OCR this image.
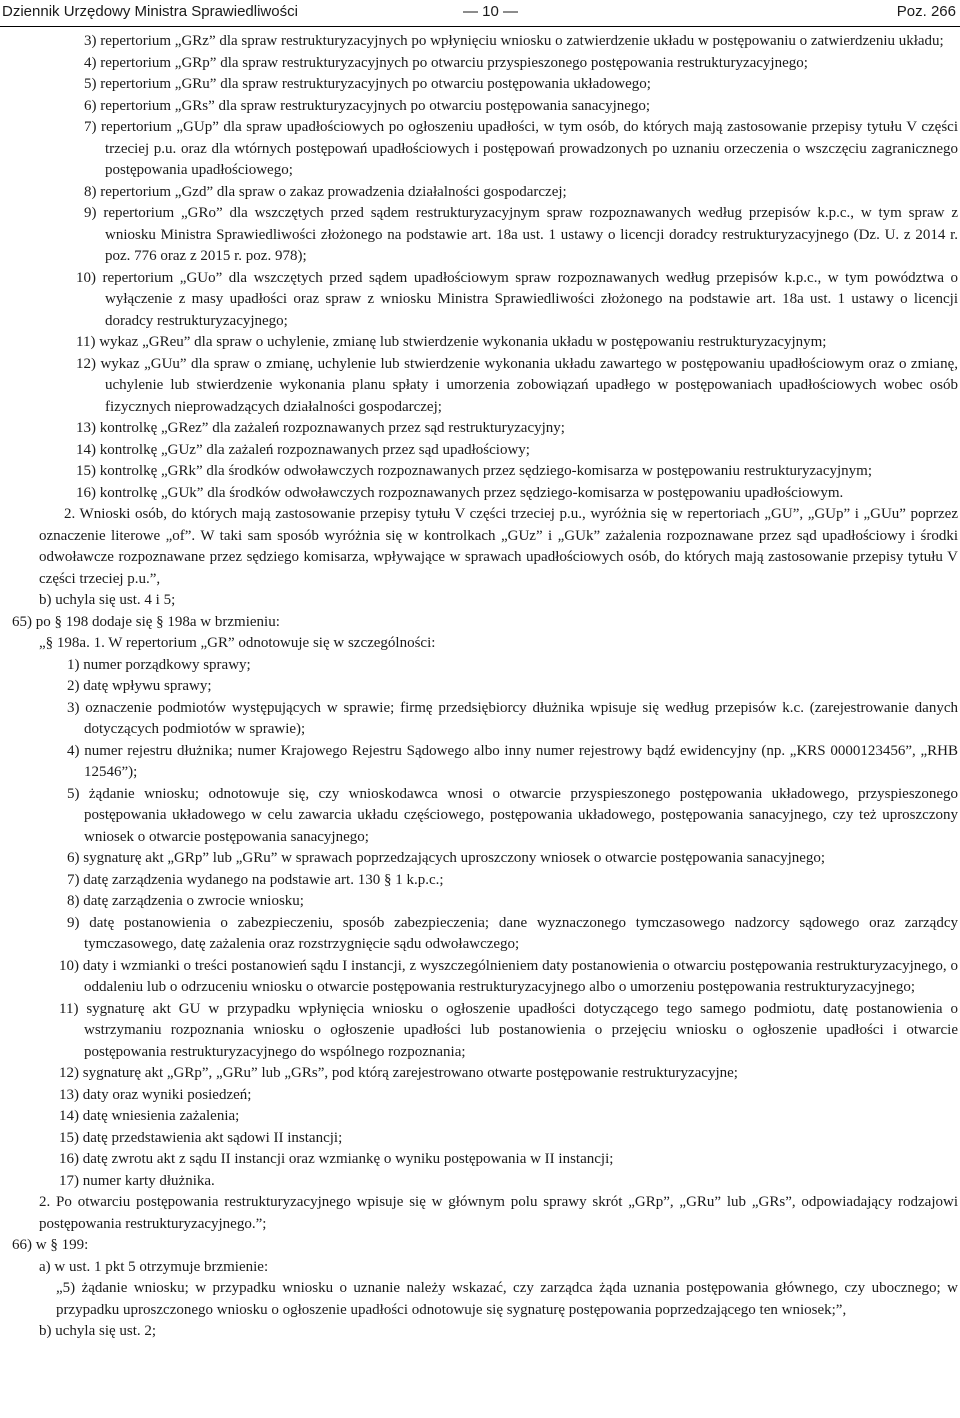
Dziennik Urzędowy Ministra Sprawiedliwości	— 10 —	Poz. 266
3) repertorium „GRz” dla spraw restrukturyzacyjnych po wpłynięciu wniosku o zatwierdzenie układu w postępowaniu o zatwierdzeniu układu;
4) repertorium „GRp” dla spraw restrukturyzacyjnych po otwarciu przyspieszonego postępowania restrukturyzacyjnego;
5) repertorium „GRu” dla spraw restrukturyzacyjnych po otwarciu postępowania układowego;
6) repertorium „GRs” dla spraw restrukturyzacyjnych po otwarciu postępowania sanacyjnego;
7) repertorium „GUp” dla spraw upadłościowych po ogłoszeniu upadłości, w tym osób, do których mają zastosowanie przepisy tytułu V części trzeciej p.u. oraz dla wtórnych postępowań upadłościowych i postępowań prowadzonych po uznaniu orzeczenia o wszczęciu zagranicznego postępowania upadłościowego;
8) repertorium „Gzd” dla spraw o zakaz prowadzenia działalności gospodarczej;
9) repertorium „GRo” dla wszczętych przed sądem restrukturyzacyjnym spraw rozpoznawanych według przepisów k.p.c., w tym spraw z wniosku Ministra Sprawiedliwości złożonego na podstawie art. 18a ust. 1 ustawy o licencji doradcy restrukturyzacyjnego (Dz. U. z 2014 r. poz. 776 oraz z 2015 r. poz. 978);
10) repertorium „GUo” dla wszczętych przed sądem upadłościowym spraw rozpoznawanych według przepisów k.p.c., w tym powództwa o wyłączenie z masy upadłości oraz spraw z wniosku Ministra Sprawiedliwości złożonego na podstawie art. 18a ust. 1 ustawy o licencji doradcy restrukturyzacyjnego;
11) wykaz „GReu” dla spraw o uchylenie, zmianę lub stwierdzenie wykonania układu w postępowaniu restrukturyzacyjnym;
12) wykaz „GUu” dla spraw o zmianę, uchylenie lub stwierdzenie wykonania układu zawartego w postępowaniu upadłościowym oraz o zmianę, uchylenie lub stwierdzenie wykonania planu spłaty i umorzenia zobowiązań upadłego w postępowaniach upadłościowych wobec osób fizycznych nieprowadzących działalności gospodarczej;
13) kontrolkę „GRez” dla zażaleń rozpoznawanych przez sąd restrukturyzacyjny;
14) kontrolkę „GUz” dla zażaleń rozpoznawanych przez sąd upadłościowy;
15) kontrolkę „GRk” dla środków odwoławczych rozpoznawanych przez sędziego-komisarza w postępowaniu restrukturyzacyjnym;
16) kontrolkę „GUk” dla środków odwoławczych rozpoznawanych przez sędziego-komisarza w postępowaniu upadłościowym.

2. Wnioski osób, do których mają zastosowanie przepisy tytułu V części trzeciej p.u., wyróżnia się w repertoriach „GU”, „GUp” i „GUu” poprzez oznaczenie literowe „of”. W taki sam sposób wyróżnia się w kontrolkach „GUz” i „GUk” zażalenia rozpoznawane przez sąd upadłościowy i środki odwoławcze rozpoznawane przez sędziego komisarza, wpływające w sprawach upadłościowych osób, do których mają zastosowanie przepisy tytułu V części trzeciej p.u.”,

b) uchyla się ust. 4 i 5;

65) po § 198 dodaje się § 198a w brzmieniu:

„§ 198a. 1. W repertorium „GR” odnotowuje się w szczególności:

1) numer porządkowy sprawy;
2) datę wpływu sprawy;
3) oznaczenie podmiotów występujących w sprawie; firmę przedsiębiorcy dłużnika wpisuje się według przepisów k.c. (zarejestrowanie danych dotyczących podmiotów w sprawie);
4) numer rejestru dłużnika; numer Krajowego Rejestru Sądowego albo inny numer rejestrowy bądź ewidencyjny (np. „KRS 0000123456”, „RHB 12546”);
5) żądanie wniosku; odnotowuje się, czy wnioskodawca wnosi o otwarcie przyspieszonego postępowania układowego, przyspieszonego postępowania układowego w celu zawarcia układu częściowego, postępowania układowego, postępowania sanacyjnego, czy też uproszczony wniosek o otwarcie postępowania sanacyjnego;
6) sygnaturę akt „GRp” lub „GRu” w sprawach poprzedzających uproszczony wniosek o otwarcie postępowania sanacyjnego;
7) datę zarządzenia wydanego na podstawie art. 130 § 1 k.p.c.;
8) datę zarządzenia o zwrocie wniosku;
9) datę postanowienia o zabezpieczeniu, sposób zabezpieczenia; dane wyznaczonego tymczasowego nadzorcy sądowego oraz zarządcy tymczasowego, datę zażalenia oraz rozstrzygnięcie sądu odwoławczego;
10) daty i wzmianki o treści postanowień sądu I instancji, z wyszczególnieniem daty postanowienia o otwarciu postępowania restrukturyzacyjnego, o oddaleniu lub o odrzuceniu wniosku o otwarcie postępowania restrukturyzacyjnego albo o umorzeniu postępowania restrukturyzacyjnego;
11) sygnaturę akt GU w przypadku wpłynięcia wniosku o ogłoszenie upadłości dotyczącego tego samego podmiotu, datę postanowienia o wstrzymaniu rozpoznania wniosku o ogłoszenie upadłości lub postanowienia o przejęciu wniosku o ogłoszenie upadłości i otwarcie postępowania restrukturyzacyjnego do wspólnego rozpoznania;
12) sygnaturę akt „GRp”, „GRu” lub „GRs”, pod którą zarejestrowano otwarte postępowanie restrukturyzacyjne;
13) daty oraz wyniki posiedzeń;
14) datę wniesienia zażalenia;
15) datę przedstawienia akt sądowi II instancji;
16) datę zwrotu akt z sądu II instancji oraz wzmiankę o wyniku postępowania w II instancji;
17) numer karty dłużnika.

2. Po otwarciu postępowania restrukturyzacyjnego wpisuje się w głównym polu sprawy skrót „GRp”, „GRu” lub „GRs”, odpowiadający rodzajowi postępowania restrukturyzacyjnego.”;

66) w § 199:

a) w ust. 1 pkt 5 otrzymuje brzmienie:

„5) żądanie wniosku; w przypadku wniosku o uznanie należy wskazać, czy zarządca żąda uznania postępowania głównego, czy ubocznego; w przypadku uproszczonego wniosku o ogłoszenie upadłości odnotowuje się sygnaturę postępowania poprzedzającego ten wniosek;”,

b) uchyla się ust. 2;
